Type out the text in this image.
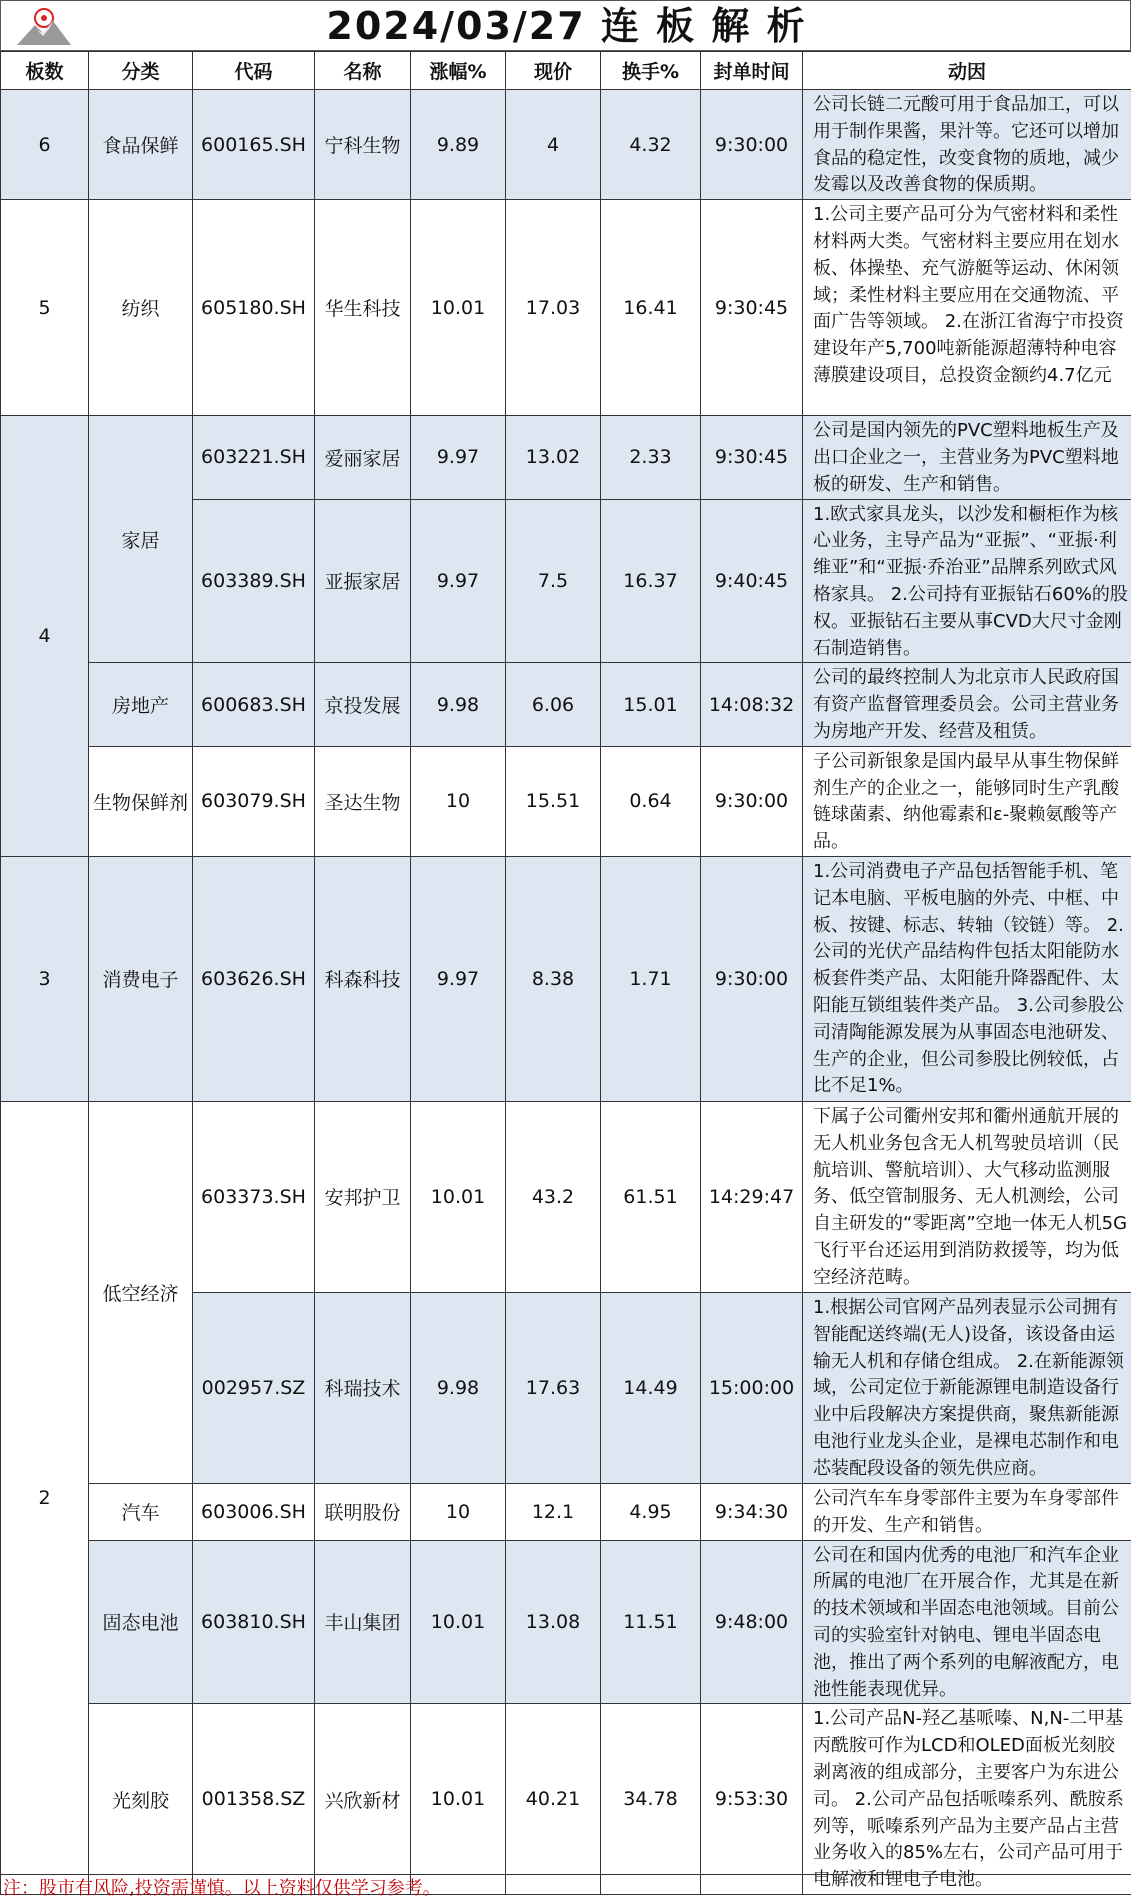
2024/03/27 连 板 解 析
板数	分类	代码	名称	涨幅%	现价	换手%	封单时间	动因
6	食品保鲜	600165.SH	宁科生物	9.89	4	4.32	9:30:00	公司长链二元酸可用于食品加工，可以用于制作果酱，果汁等。它还可以增加食品的稳定性，改变食物的质地，减少发霉以及改善食物的保质期。
5	纺织	605180.SH	华生科技	10.01	17.03	16.41	9:30:45	1.公司主要产品可分为气密材料和柔性材料两大类。气密材料主要应用在划水板、体操垫、充气游艇等运动、休闲领域；柔性材料主要应用在交通物流、平面广告等领域。 2.在浙江省海宁市投资建设年产5,700吨新能源超薄特种电容薄膜建设项目，总投资金额约4.7亿元
4	家居	603221.SH	爱丽家居	9.97	13.02	2.33	9:30:45	公司是国内领先的PVC塑料地板生产及出口企业之一，主营业务为PVC塑料地板的研发、生产和销售。
		603389.SH	亚振家居	9.97	7.5	16.37	9:40:45	1.欧式家具龙头，以沙发和橱柜作为核心业务，主导产品为“亚振”、“亚振·利维亚”和“亚振·乔治亚”品牌系列欧式风格家具。 2.公司持有亚振钻石60%的股权。亚振钻石主要从事CVD大尺寸金刚石制造销售。
	房地产	600683.SH	京投发展	9.98	6.06	15.01	14:08:32	公司的最终控制人为北京市人民政府国有资产监督管理委员会。公司主营业务为房地产开发、经营及租赁。
	生物保鲜剂	603079.SH	圣达生物	10	15.51	0.64	9:30:00	子公司新银象是国内最早从事生物保鲜剂生产的企业之一，能够同时生产乳酸链球菌素、纳他霉素和ε-聚赖氨酸等产品。
3	消费电子	603626.SH	科森科技	9.97	8.38	1.71	9:30:00	1.公司消费电子产品包括智能手机、笔记本电脑、平板电脑的外壳、中框、中板、按键、标志、转轴（铰链）等。 2.公司的光伏产品结构件包括太阳能防水板套件类产品、太阳能升降器配件、太阳能互锁组装件类产品。 3.公司参股公司清陶能源发展为从事固态电池研发、生产的企业，但公司参股比例较低，占比不足1%。
2	低空经济	603373.SH	安邦护卫	10.01	43.2	61.51	14:29:47	下属子公司衢州安邦和衢州通航开展的无人机业务包含无人机驾驶员培训（民航培训、警航培训）、大气移动监测服务、低空管制服务、无人机测绘，公司自主研发的“零距离”空地一体无人机5G飞行平台还运用到消防救援等，均为低空经济范畴。
		002957.SZ	科瑞技术	9.98	17.63	14.49	15:00:00	1.根据公司官网产品列表显示公司拥有智能配送终端(无人)设备，该设备由运输无人机和存储仓组成。 2.在新能源领域，公司定位于新能源锂电制造设备行业中后段解决方案提供商，聚焦新能源电池行业龙头企业，是裸电芯制作和电芯装配段设备的领先供应商。
	汽车	603006.SH	联明股份	10	12.1	4.95	9:34:30	公司汽车车身零部件主要为车身零部件的开发、生产和销售。
	固态电池	603810.SH	丰山集团	10.01	13.08	11.51	9:48:00	公司在和国内优秀的电池厂和汽车企业所属的电池厂在开展合作，尤其是在新的技术领域和半固态电池领域。目前公司的实验室针对钠电、锂电半固态电池，推出了两个系列的电解液配方，电池性能表现优异。
	光刻胶	001358.SZ	兴欣新材	10.01	40.21	34.78	9:53:30	1.公司产品N-羟乙基哌嗪、N,N-二甲基丙酰胺可作为LCD和OLED面板光刻胶剥离液的组成部分，主要客户为东进公司。 2.公司产品包括哌嗪系列、酰胺系列等，哌嗪系列产品为主要产品占主营业务收入的85%左右，公司产品可用于电解液和锂电子电池。
注：股市有风险,投资需谨慎。以上资料仅供学习参考。
